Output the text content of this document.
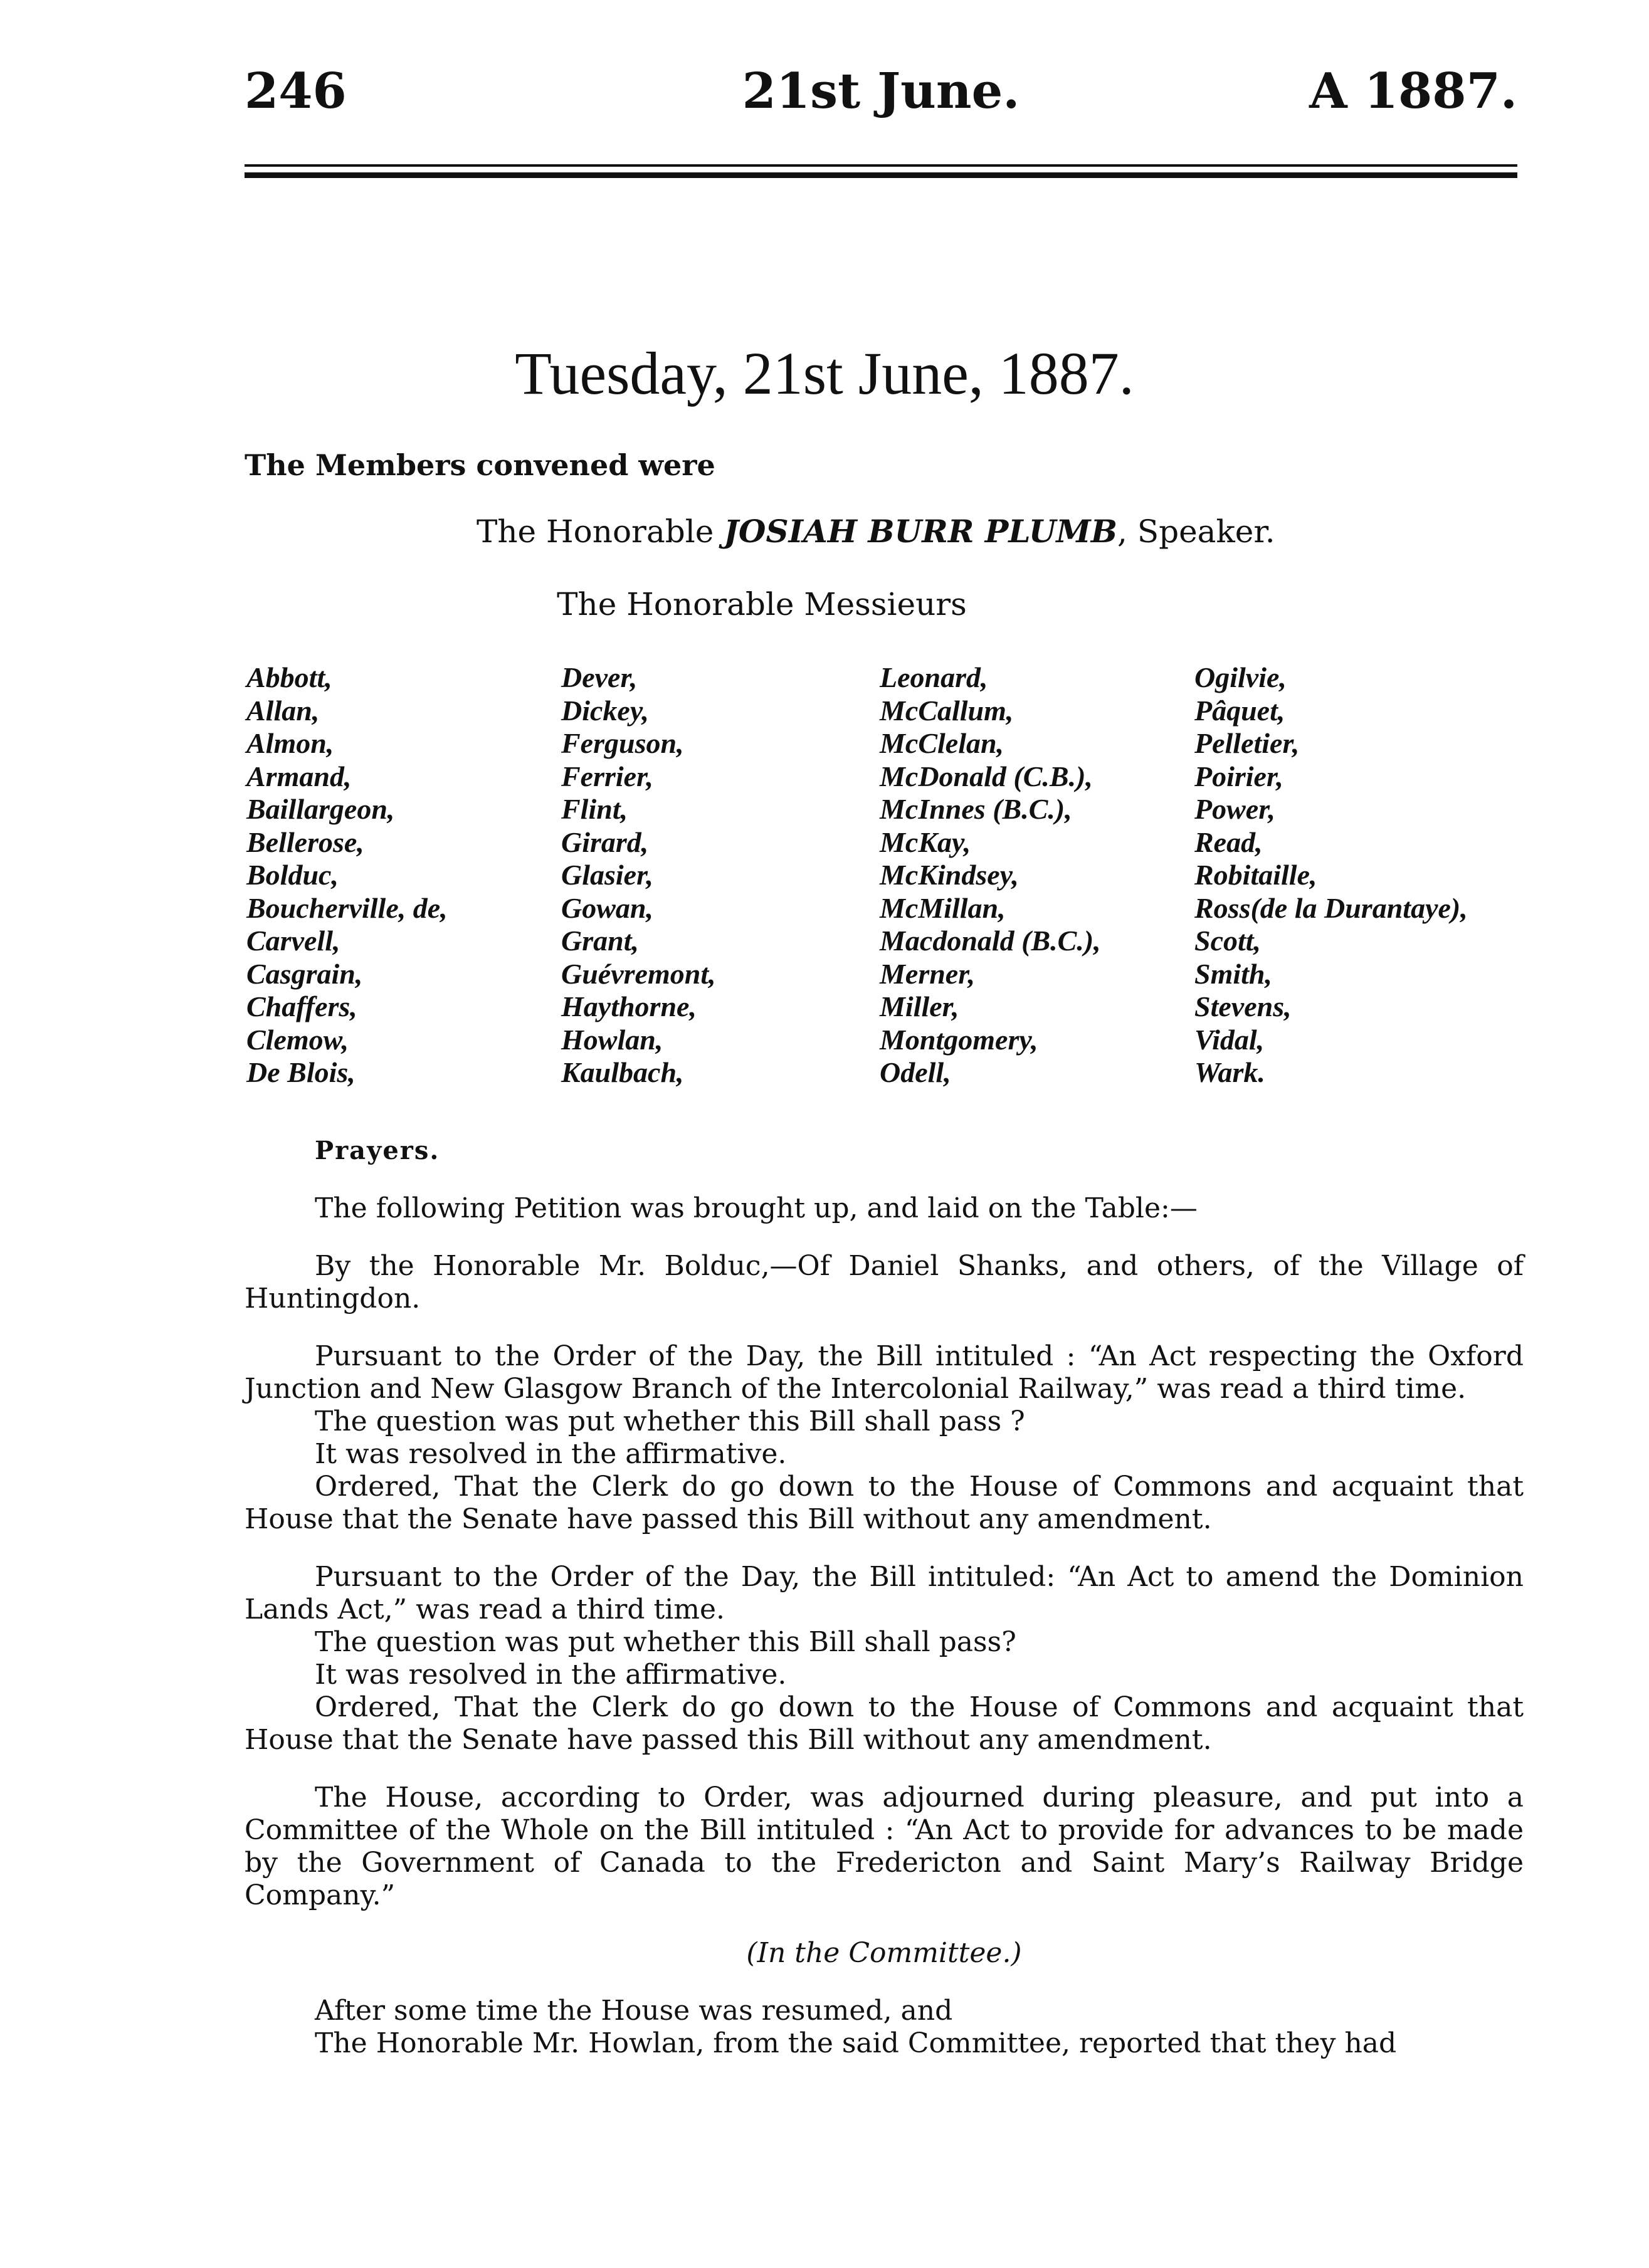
246	21st June.	A 1887.
Tuesday, 21st June, 1887.
The Members convened were
The Honorable JOSIAH BURR PLUMB, Speaker.
The Honorable Messieurs
Abbott,
Allan,
Almon,
Armand,
Baillargeon,
Bellerose,
Bolduc,
Boucherville, de,
Carvell,
Casgrain,
Chaffers,
Clemow,
De Blois,
Dever,
Dickey,
Ferguson,
Ferrier,
Flint,
Girard,
Glasier,
Gowan,
Grant,
Guévremont,
Haythorne,
Howlan,
Kaulbach,
Leonard,
McCallum,
McClelan,
McDonald (C.B.),
McInnes (B.C.),
McKay,
McKindsey,
McMillan,
Macdonald (B.C.),
Merner,
Miller,
Montgomery,
Odell,
Ogilvie,
Pâquet,
Pelletier,
Poirier,
Power,
Read,
Robitaille,
Ross(de la Durantaye),
Scott,
Smith,
Stevens,
Vidal,
Wark.

Prayers.

The following Petition was brought up, and laid on the Table:—

By the Honorable Mr. Bolduc,—Of Daniel Shanks, and others, of the Village of Huntingdon.

Pursuant to the Order of the Day, the Bill intituled : “An Act respecting the Oxford Junction and New Glasgow Branch of the Intercolonial Railway,” was read a third time.

The question was put whether this Bill shall pass ?

It was resolved in the affirmative.

Ordered, That the Clerk do go down to the House of Commons and acquaint that House that the Senate have passed this Bill without any amendment.

Pursuant to the Order of the Day, the Bill intituled: “An Act to amend the Dominion Lands Act,” was read a third time.

The question was put whether this Bill shall pass?

It was resolved in the affirmative.

Ordered, That the Clerk do go down to the House of Commons and acquaint that House that the Senate have passed this Bill without any amendment.

The House, according to Order, was adjourned during pleasure, and put into a Committee of the Whole on the Bill intituled : “An Act to provide for advances to be made by the Government of Canada to the Fredericton and Saint Mary’s Railway Bridge Company.”

(In the Committee.)

After some time the House was resumed, and

The Honorable Mr. Howlan, from the said Committee, reported that they had
